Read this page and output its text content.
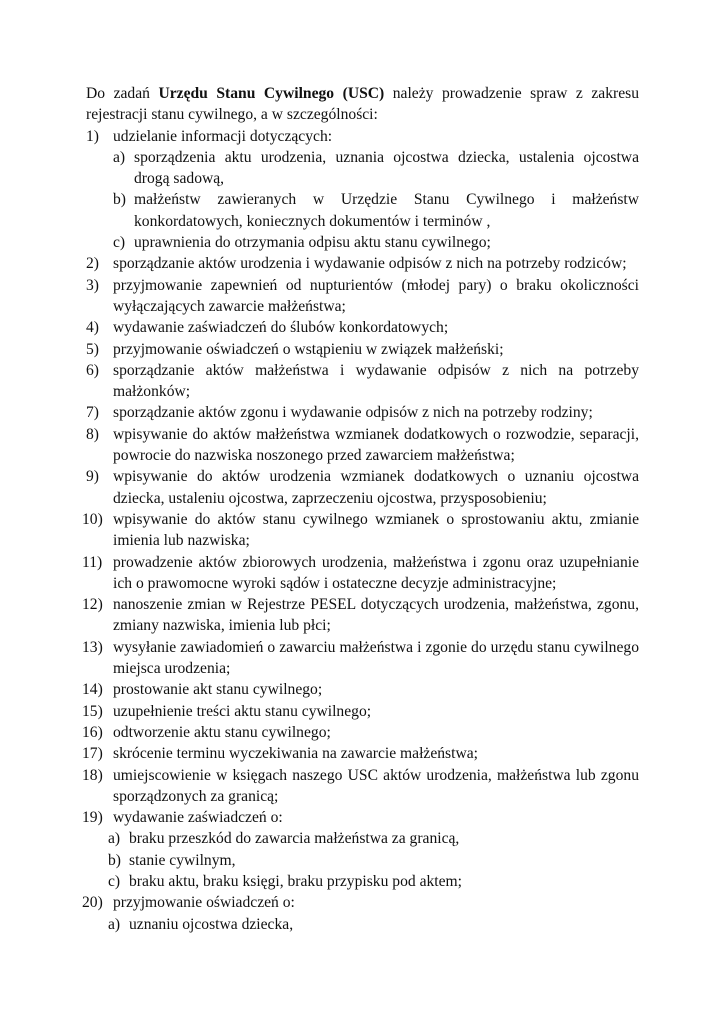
Do zadań Urzędu Stanu Cywilnego (USC) należy prowadzenie spraw z zakresu rejestracji stanu cywilnego, a w szczególności:

1) udzielanie informacji dotyczących:
a) sporządzenia aktu urodzenia, uznania ojcostwa dziecka, ustalenia ojcostwa drogą sadową,
b) małżeństw zawieranych w Urzędzie Stanu Cywilnego i małżeństw konkordatowych, koniecznych dokumentów i terminów ,
c) uprawnienia do otrzymania odpisu aktu stanu cywilnego;
2) sporządzanie aktów urodzenia i wydawanie odpisów z nich na potrzeby rodziców;
3) przyjmowanie zapewnień od nupturientów (młodej pary) o braku okoliczności wyłączających zawarcie małżeństwa;
4) wydawanie zaświadczeń do ślubów konkordatowych;
5) przyjmowanie oświadczeń o wstąpieniu w związek małżeński;
6) sporządzanie aktów małżeństwa i wydawanie odpisów z nich na potrzeby małżonków;
7) sporządzanie aktów zgonu i wydawanie odpisów z nich na potrzeby rodziny;
8) wpisywanie do aktów małżeństwa wzmianek dodatkowych o rozwodzie, separacji, powrocie do nazwiska noszonego przed zawarciem małżeństwa;
9) wpisywanie do aktów urodzenia wzmianek dodatkowych o uznaniu ojcostwa dziecka, ustaleniu ojcostwa, zaprzeczeniu ojcostwa, przysposobieniu;
10) wpisywanie do aktów stanu cywilnego wzmianek o sprostowaniu aktu, zmianie imienia lub nazwiska;
11) prowadzenie aktów zbiorowych urodzenia, małżeństwa i zgonu oraz uzupełnianie ich o prawomocne wyroki sądów i ostateczne decyzje administracyjne;
12) nanoszenie zmian w Rejestrze PESEL dotyczących urodzenia, małżeństwa, zgonu, zmiany nazwiska, imienia lub płci;
13) wysyłanie zawiadomień o zawarciu małżeństwa i zgonie do urzędu stanu cywilnego miejsca urodzenia;
14) prostowanie akt stanu cywilnego;
15) uzupełnienie treści aktu stanu cywilnego;
16) odtworzenie aktu stanu cywilnego;
17) skrócenie terminu wyczekiwania na zawarcie małżeństwa;
18) umiejscowienie w księgach naszego USC aktów urodzenia, małżeństwa lub zgonu sporządzonych za granicą;
19) wydawanie zaświadczeń o:
a) braku przeszkód do zawarcia małżeństwa za granicą,
b) stanie cywilnym,
c) braku aktu, braku księgi, braku przypisku pod aktem;
20) przyjmowanie oświadczeń o:
a) uznaniu ojcostwa dziecka,
